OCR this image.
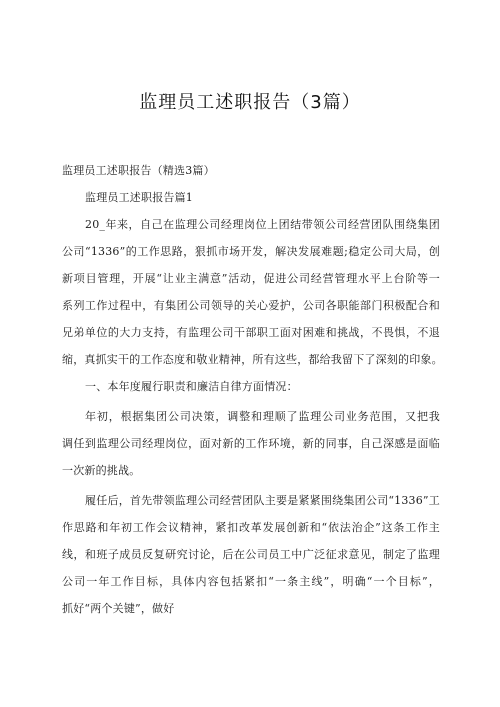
监理员工述职报告（3篇）
监理员工述职报告（精选3篇）
监理员工述职报告篇1
20_年来，自己在监理公司经理岗位上团结带领公司经营团队围绕集团
公司“1336”的工作思路，狠抓市场开发，解决发展难题;稳定公司大局，创
新项目管理，开展“让业主满意”活动，促进公司经营管理水平上台阶等一
系列工作过程中，有集团公司领导的关心爱护，公司各职能部门积极配合和
兄弟单位的大力支持，有监理公司干部职工面对困难和挑战，不畏惧，不退
缩，真抓实干的工作态度和敬业精神，所有这些，都给我留下了深刻的印象。
一、本年度履行职责和廉洁自律方面情况：
年初，根据集团公司决策，调整和理顺了监理公司业务范围，又把我
调任到监理公司经理岗位，面对新的工作环境，新的同事，自己深感是面临
一次新的挑战。
履任后，首先带领监理公司经营团队主要是紧紧围绕集团公司“1336”工
作思路和年初工作会议精神，紧扣改革发展创新和“依法治企”这条工作主
线，和班子成员反复研究讨论，后在公司员工中广泛征求意见，制定了监理
公司一年工作目标，具体内容包括紧扣“一条主线”，明确“一个目标”，
抓好“两个关键”，做好
